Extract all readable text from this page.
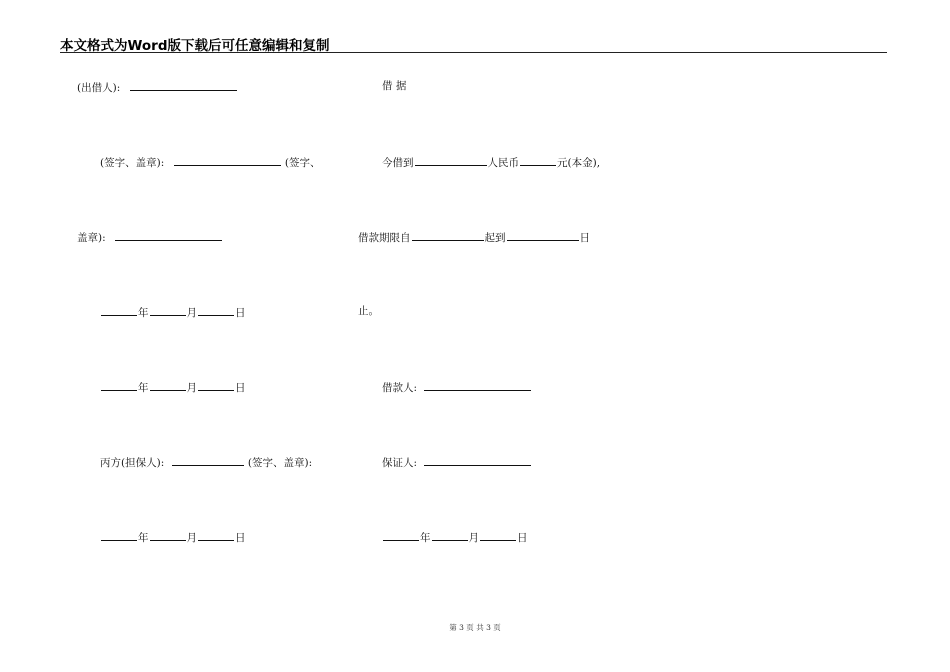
本文格式为Word版下载后可任意编辑和复制
(出借人):
(签字、盖章):	(签字、
盖章):
年	月	日
年	月	日
丙方(担保人):	(签字、盖章):
年	月	日
借 据
今借到	人民币	元(本金),
借款期限自	起到	日
止。
借款人:
保证人:
年	月	日
第 3 页 共 3 页
